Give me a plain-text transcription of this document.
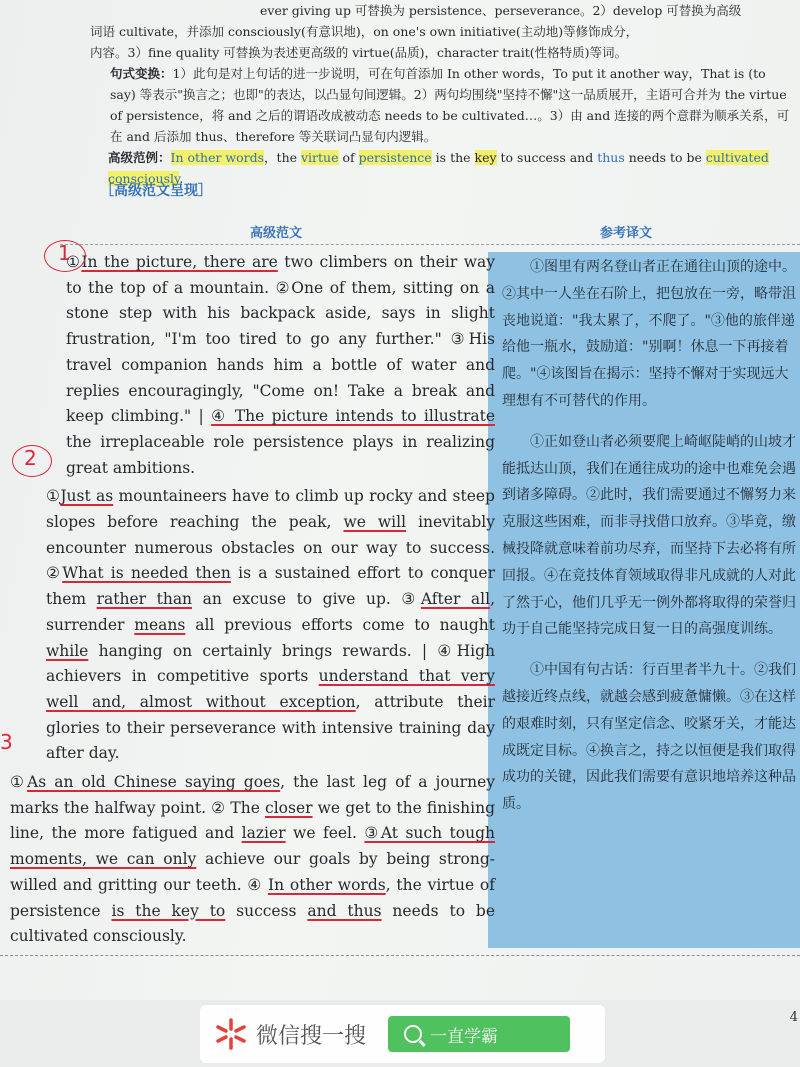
ever giving up 可替换为 persistence、perseverance。2）develop 可替换为高级

词语 cultivate，并添加 consciously(有意识地)，on one's own initiative(主动地)等修饰成分，

内容。3）fine quality 可替换为表述更高级的 virtue(品质)，character trait(性格特质)等词。

句式变换：1）此句是对上句话的进一步说明，可在句首添加 In other words，To put it another way，That is (to say) 等表示"换言之；也即"的表达，以凸显句间逻辑。2）两句均围绕"坚持不懈"这一品质展开，主语可合并为 the virtue of persistence，将 and 之后的谓语改成被动态 needs to be cultivated…。3）由 and 连接的两个意群为顺承关系，可在 and 后添加 thus、therefore 等关联词凸显句内逻辑。

高级范例：In other words，the virtue of persistence is the key to success and thus needs to be cultivated consciously.

［高级范文呈现］
高级范文	参考译文

①In the picture, there are two climbers on their way to the top of a mountain. ②One of them, sitting on a stone step with his backpack aside, says in slight frustration, "I'm too tired to go any further." ③His travel companion hands him a bottle of water and replies encouragingly, "Come on! Take a break and keep climbing." | ④ The picture intends to illustrate the irreplaceable role persistence plays in realizing great ambitions.

①Just as mountaineers have to climb up rocky and steep slopes before reaching the peak, we will inevitably encounter numerous obstacles on our way to success. ②What is needed then is a sustained effort to conquer them rather than an excuse to give up. ③After all, surrender means all previous efforts come to naught while hanging on certainly brings rewards. | ④High achievers in competitive sports understand that very well and, almost without exception, attribute their glories to their perseverance with intensive training day after day.

①As an old Chinese saying goes, the last leg of a journey marks the halfway point. ② The closer we get to the finishing line, the more fatigued and lazier we feel. ③At such tough moments, we can only achieve our goals by being strong-willed and gritting our teeth. ④ In other words, the virtue of persistence is the key to success and thus needs to be cultivated consciously.

①图里有两名登山者正在通往山顶的途中。②其中一人坐在石阶上，把包放在一旁，略带沮丧地说道："我太累了，不爬了。"③他的旅伴递给他一瓶水，鼓励道："别啊！休息一下再接着爬。"④该图旨在揭示：坚持不懈对于实现远大理想有不可替代的作用。

①正如登山者必须要爬上崎岖陡峭的山坡才能抵达山顶，我们在通往成功的途中也难免会遇到诸多障碍。②此时，我们需要通过不懈努力来克服这些困难，而非寻找借口放弃。③毕竟，缴械投降就意味着前功尽弃，而坚持下去必将有所回报。④在竞技体育领域取得非凡成就的人对此了然于心，他们几乎无一例外都将取得的荣誉归功于自己能坚持完成日复一日的高强度训练。

①中国有句古话：行百里者半九十。②我们越接近终点线，就越会感到疲惫慵懒。③在这样的艰难时刻，只有坚定信念、咬紧牙关，才能达成既定目标。④换言之，持之以恒便是我们取得成功的关键，因此我们需要有意识地培养这种品质。

1
2
3
微信搜一搜	一直学霸
4
